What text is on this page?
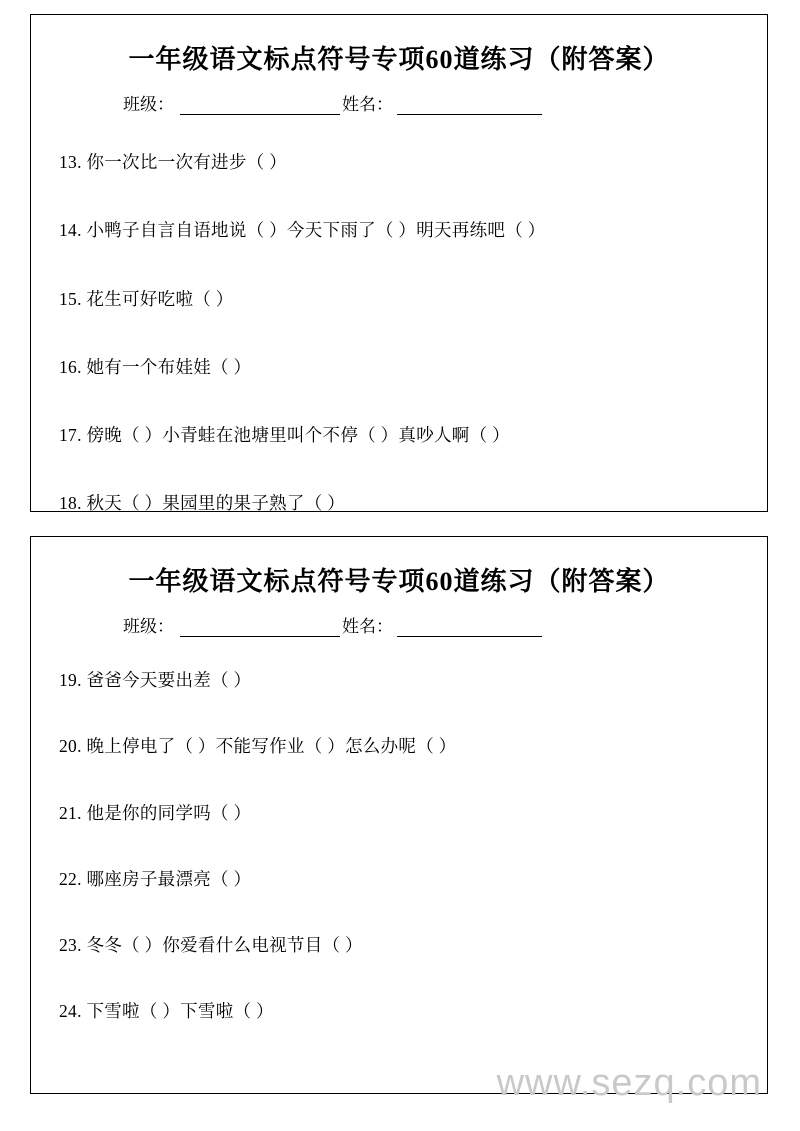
一年级语文标点符号专项60道练习（附答案）
班级：	姓名：
13. 你一次比一次有进步（ ）
14. 小鸭子自言自语地说（ ）今天下雨了（ ）明天再练吧（ ）
15. 花生可好吃啦（ ）
16. 她有一个布娃娃（ ）
17. 傍晚（ ）小青蛙在池塘里叫个不停（ ）真吵人啊（ ）
18. 秋天（ ）果园里的果子熟了（ ）
一年级语文标点符号专项60道练习（附答案）
班级：	姓名：
19. 爸爸今天要出差（ ）
20. 晚上停电了（ ）不能写作业（ ）怎么办呢（ ）
21. 他是你的同学吗（ ）
22. 哪座房子最漂亮（ ）
23. 冬冬（ ）你爱看什么电视节目（ ）
24. 下雪啦（ ）下雪啦（ ）
www.sezq.com
